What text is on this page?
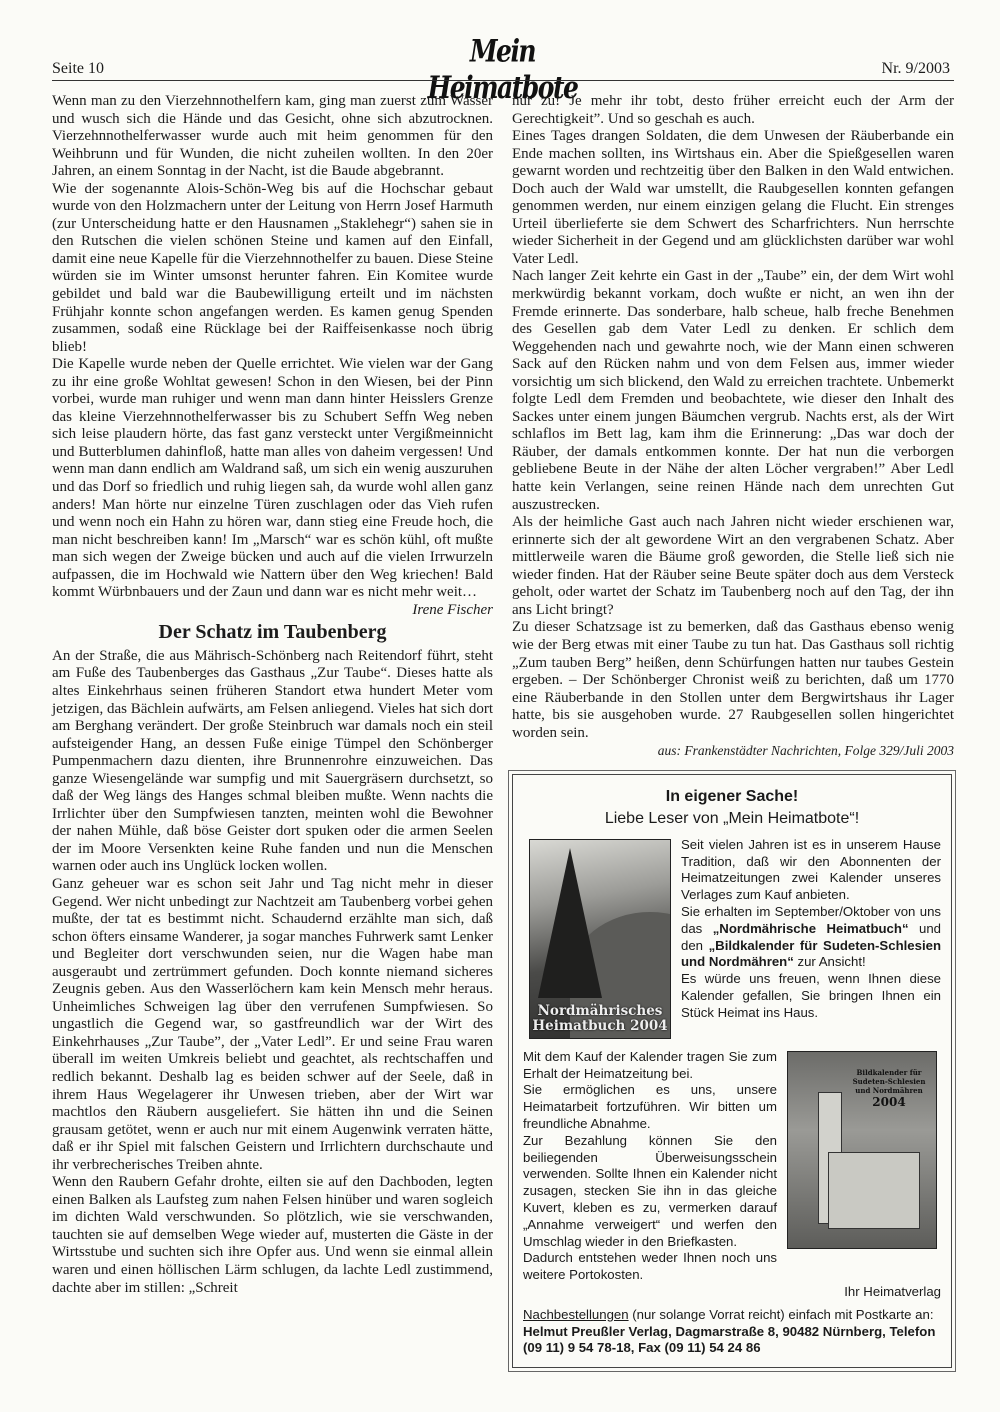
Seite 10	Mein Heimatbote
Nr. 9/2003

Wenn man zu den Vierzehnnothelfern kam, ging man zuerst zum Wasser und wusch sich die Hände und das Gesicht, ohne sich abzutrocknen. Vierzehnnothelferwasser wurde auch mit heim genommen für den Weihbrunn und für Wunden, die nicht zuheilen wollten. In den 20er Jahren, an einem Sonntag in der Nacht, ist die Baude abgebrannt.

Wie der sogenannte Alois-Schön-Weg bis auf die Hochschar gebaut wurde von den Holzmachern unter der Leitung von Herrn Josef Harmuth (zur Unterscheidung hatte er den Hausnamen „Staklehegr“) sahen sie in den Rutschen die vielen schönen Steine und kamen auf den Einfall, damit eine neue Kapelle für die Vierzehnnothelfer zu bauen. Diese Steine würden sie im Winter umsonst herunter fahren. Ein Komitee wurde gebildet und bald war die Baubewilligung erteilt und im nächsten Frühjahr konnte schon angefangen werden. Es kamen genug Spenden zusammen, sodaß eine Rücklage bei der Raiffeisenkasse noch übrig blieb!

Die Kapelle wurde neben der Quelle errichtet. Wie vielen war der Gang zu ihr eine große Wohltat gewesen! Schon in den Wiesen, bei der Pinn vorbei, wurde man ruhiger und wenn man dann hinter Heisslers Grenze das kleine Vierzehnnothelferwasser bis zu Schubert Seffn Weg neben sich leise plaudern hörte, das fast ganz versteckt unter Vergißmeinnicht und Butterblumen dahinfloß, hatte man alles von daheim vergessen! Und wenn man dann endlich am Waldrand saß, um sich ein wenig auszuruhen und das Dorf so friedlich und ruhig liegen sah, da wurde wohl allen ganz anders! Man hörte nur einzelne Türen zuschlagen oder das Vieh rufen und wenn noch ein Hahn zu hören war, dann stieg eine Freude hoch, die man nicht beschreiben kann! Im „Marsch“ war es schön kühl, oft mußte man sich wegen der Zweige bücken und auch auf die vielen Irrwurzeln aufpassen, die im Hochwald wie Nattern über den Weg kriechen! Bald kommt Würbnbauers und der Zaun und dann war es nicht mehr weit…
Irene Fischer

Der Schatz im Taubenberg

An der Straße, die aus Mährisch-Schönberg nach Reitendorf führt, steht am Fuße des Taubenberges das Gasthaus „Zur Taube“. Dieses hatte als altes Einkehrhaus seinen früheren Standort etwa hundert Meter vom jetzigen, das Bächlein aufwärts, am Felsen anliegend. Vieles hat sich dort am Berghang verändert. Der große Steinbruch war damals noch ein steil aufsteigender Hang, an dessen Fuße einige Tümpel den Schönberger Pumpenmachern dazu dienten, ihre Brunnenrohre einzuweichen. Das ganze Wiesengelände war sumpfig und mit Sauergräsern durchsetzt, so daß der Weg längs des Hanges schmal bleiben mußte. Wenn nachts die Irrlichter über den Sumpfwiesen tanzten, meinten wohl die Bewohner der nahen Mühle, daß böse Geister dort spuken oder die armen Seelen der im Moore Versenkten keine Ruhe fanden und nun die Menschen warnen oder auch ins Unglück locken wollen.

Ganz geheuer war es schon seit Jahr und Tag nicht mehr in dieser Gegend. Wer nicht unbedingt zur Nachtzeit am Taubenberg vorbei gehen mußte, der tat es bestimmt nicht. Schaudernd erzählte man sich, daß schon öfters einsame Wanderer, ja sogar manches Fuhrwerk samt Lenker und Begleiter dort verschwunden seien, nur die Wagen habe man ausgeraubt und zertrümmert gefunden. Doch konnte niemand sicheres Zeugnis geben. Aus den Wasserlöchern kam kein Mensch mehr heraus. Unheimliches Schweigen lag über den verrufenen Sumpfwiesen. So ungastlich die Gegend war, so gastfreundlich war der Wirt des Einkehrhauses „Zur Taube”, der „Vater Ledl”. Er und seine Frau waren überall im weiten Umkreis beliebt und geachtet, als rechtschaffen und redlich bekannt. Deshalb lag es beiden schwer auf der Seele, daß in ihrem Haus Wegelagerer ihr Unwesen trieben, aber der Wirt war machtlos den Räubern ausgeliefert. Sie hätten ihn und die Seinen grausam getötet, wenn er auch nur mit einem Augenwink verraten hätte, daß er ihr Spiel mit falschen Geistern und Irrlichtern durchschaute und ihr verbrecherisches Treiben ahnte.

Wenn den Raubern Gefahr drohte, eilten sie auf den Dachboden, legten einen Balken als Laufsteg zum nahen Felsen hinüber und waren sogleich im dichten Wald verschwunden. So plötzlich, wie sie verschwanden, tauchten sie auf demselben Wege wieder auf, musterten die Gäste in der Wirtsstube und suchten sich ihre Opfer aus. Und wenn sie einmal allein waren und einen höllischen Lärm schlugen, da lachte Ledl zustimmend, dachte aber im stillen: „Schreit

nur zu! Je mehr ihr tobt, desto früher erreicht euch der Arm der Gerechtigkeit”. Und so geschah es auch.

Eines Tages drangen Soldaten, die dem Unwesen der Räuberbande ein Ende machen sollten, ins Wirtshaus ein. Aber die Spießgesellen waren gewarnt worden und rechtzeitig über den Balken in den Wald entwichen. Doch auch der Wald war umstellt, die Raubgesellen konnten gefangen genommen werden, nur einem einzigen gelang die Flucht. Ein strenges Urteil überlieferte sie dem Schwert des Scharfrichters. Nun herrschte wieder Sicherheit in der Gegend und am glücklichsten darüber war wohl Vater Ledl.

Nach langer Zeit kehrte ein Gast in der „Taube” ein, der dem Wirt wohl merkwürdig bekannt vorkam, doch wußte er nicht, an wen ihn der Fremde erinnerte. Das sonderbare, halb scheue, halb freche Benehmen des Gesellen gab dem Vater Ledl zu denken. Er schlich dem Weggehenden nach und gewahrte noch, wie der Mann einen schweren Sack auf den Rücken nahm und von dem Felsen aus, immer wieder vorsichtig um sich blickend, den Wald zu erreichen trachtete. Unbemerkt folgte Ledl dem Fremden und beobachtete, wie dieser den Inhalt des Sackes unter einem jungen Bäumchen vergrub. Nachts erst, als der Wirt schlaflos im Bett lag, kam ihm die Erinnerung: „Das war doch der Räuber, der damals entkommen konnte. Der hat nun die verborgen gebliebene Beute in der Nähe der alten Löcher vergraben!” Aber Ledl hatte kein Verlangen, seine reinen Hände nach dem unrechten Gut auszustrecken.

Als der heimliche Gast auch nach Jahren nicht wieder erschienen war, erinnerte sich der alt gewordene Wirt an den vergrabenen Schatz. Aber mittlerweile waren die Bäume groß geworden, die Stelle ließ sich nie wieder finden. Hat der Räuber seine Beute später doch aus dem Versteck geholt, oder wartet der Schatz im Taubenberg noch auf den Tag, der ihn ans Licht bringt?

Zu dieser Schatzsage ist zu bemerken, daß das Gasthaus ebenso wenig wie der Berg etwas mit einer Taube zu tun hat. Das Gasthaus soll richtig „Zum tauben Berg” heißen, denn Schürfungen hatten nur taubes Gestein ergeben. – Der Schönberger Chronist weiß zu berichten, daß um 1770 eine Räuberbande in den Stollen unter dem Bergwirtshaus ihr Lager hatte, bis sie ausgehoben wurde. 27 Raubgesellen sollen hingerichtet worden sein.

aus: Frankenstädter Nachrichten, Folge 329/Juli 2003

In eigener Sache!
Liebe Leser von „Mein Heimatbote“!
Nordmährisches Heimatbuch 2004
Seit vielen Jahren ist es in unserem Hause Tradition, daß wir den Abonnenten der Heimatzeitungen zwei Kalender unseres Verlages zum Kauf anbieten.
Sie erhalten im September/Oktober von uns das „Nordmährische Heimatbuch“ und den „Bildkalender für Sudeten-Schlesien und Nordmähren“ zur Ansicht!
Es würde uns freuen, wenn Ihnen diese Kalender gefallen, Sie bringen Ihnen ein Stück Heimat ins Haus.
Bildkalender für Sudeten-Schlesien und Nordmähren
2004
Mit dem Kauf der Kalender tragen Sie zum Erhalt der Heimatzeitung bei.
Sie ermöglichen es uns, unsere Heimatarbeit fortzuführen. Wir bitten um freundliche Abnahme.
Zur Bezahlung können Sie den beiliegenden Überweisungsschein verwenden. Sollte Ihnen ein Kalender nicht zusagen, stecken Sie ihn in das gleiche Kuvert, kleben es zu, vermerken darauf „Annahme verweigert“ und werfen den Umschlag wieder in den Briefkasten.
Dadurch entstehen weder Ihnen noch uns weitere Portokosten.
Ihr Heimatverlag
Nachbestellungen (nur solange Vorrat reicht) einfach mit Postkarte an: Helmut Preußler Verlag, Dagmarstraße 8, 90482 Nürnberg, Telefon (09 11) 9 54 78-18, Fax (09 11) 54 24 86
